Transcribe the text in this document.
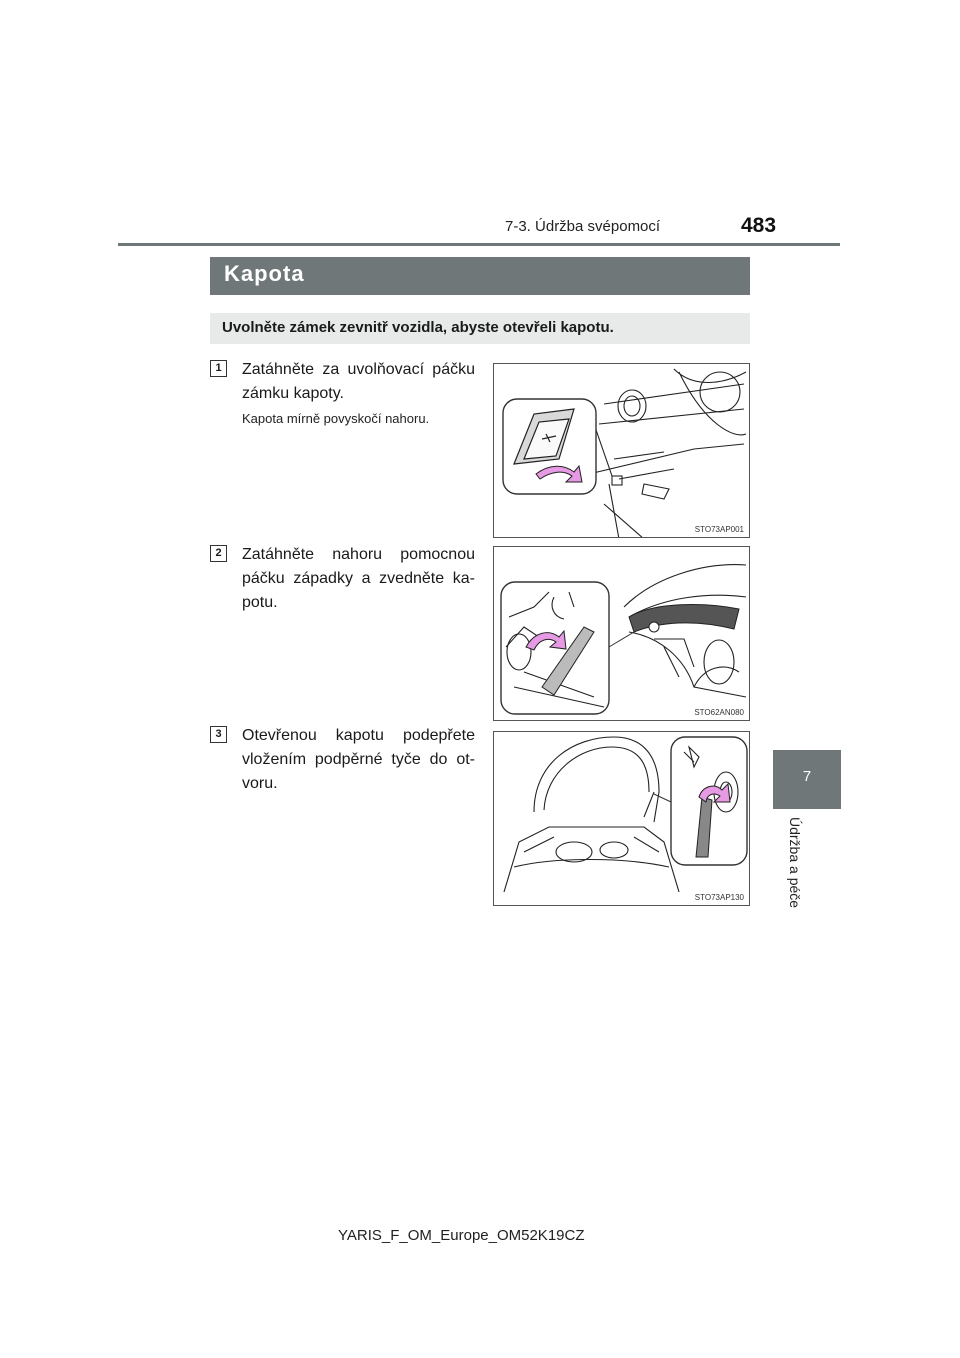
7-3. Údržba svépomocí	483
Kapota
Uvolněte zámek zevnitř vozidla, abyste otevřeli kapotu.
1	Zatáhněte za uvolňovací páčku zámku kapoty.
Kapota mírně povyskočí nahoru.
STO73AP001
2	Zatáhněte nahoru pomocnou páčku západky a zvedněte ka-potu.
STO62AN080
3	Otevřenou kapotu podepřete vložením podpěrné tyče do ot-voru.
STO73AP130
7
Údržba a péče
YARIS_F_OM_Europe_OM52K19CZ
